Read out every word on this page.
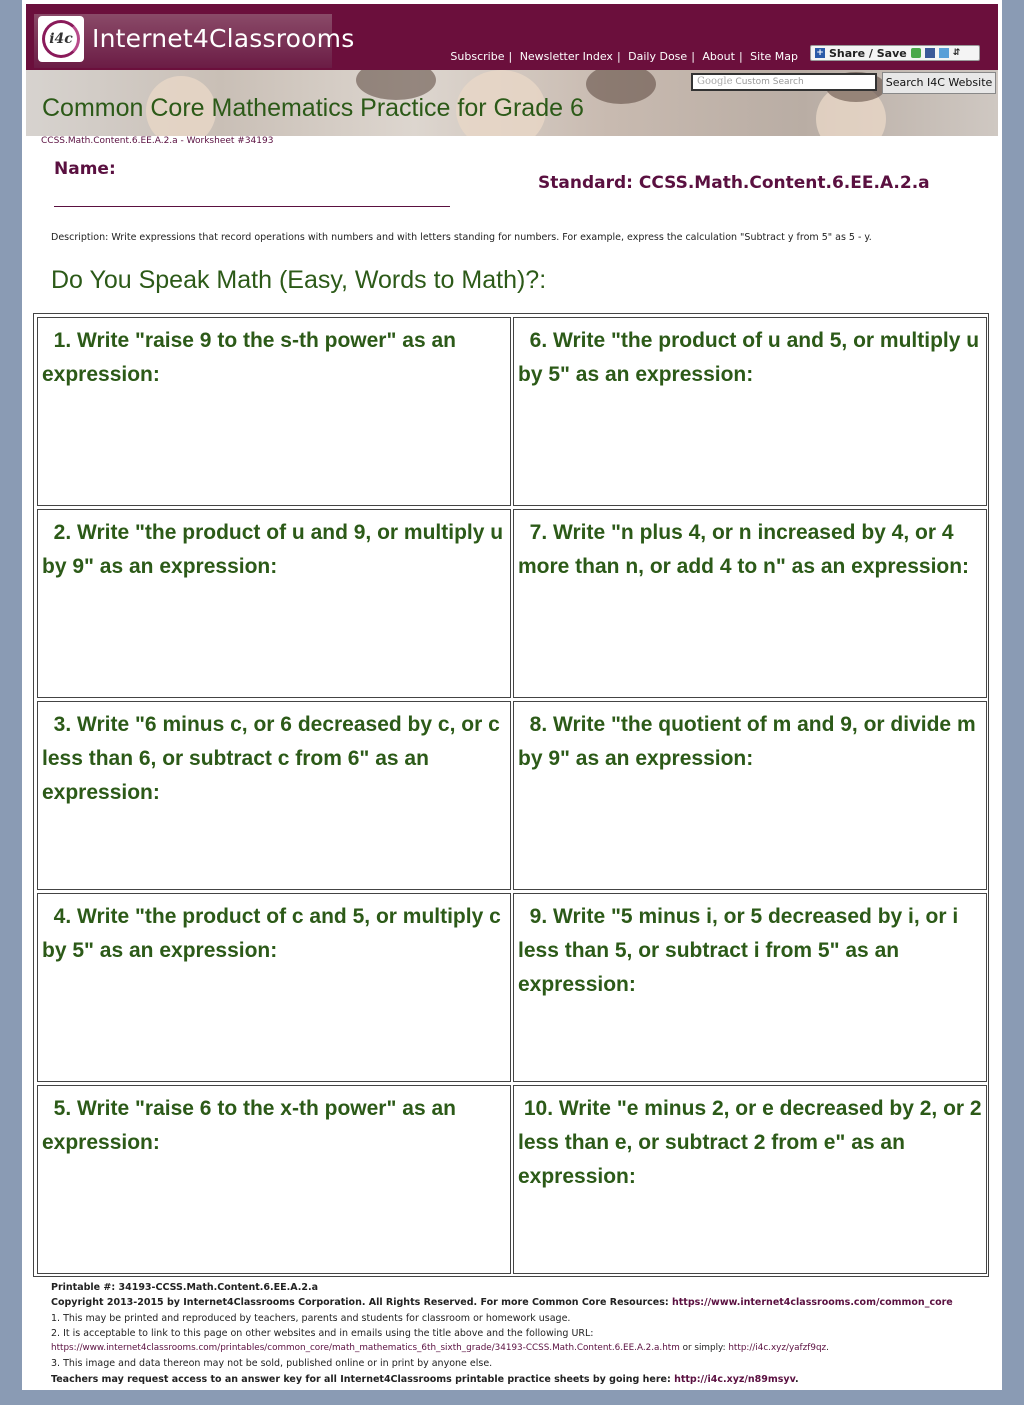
i4c Internet4Classrooms
Subscribe | Newsletter Index | Daily Dose | About | Site Map + Share / Save	⇵
Google Custom Search	Search I4C Website
Common Core Mathematics Practice for Grade 6
CCSS.Math.Content.6.EE.A.2.a - Worksheet #34193
Name:
Standard: CCSS.Math.Content.6.EE.A.2.a
Description: Write expressions that record operations with numbers and with letters standing for numbers. For example, express the calculation "Subtract y from 5" as 5 - y.
Do You Speak Math (Easy, Words to Math)?:
1. Write "raise 9 to the s-th power" as an expression:
6. Write "the product of u and 5, or multiply u by 5" as an expression:
2. Write "the product of u and 9, or multiply u by 9" as an expression:
7. Write "n plus 4, or n increased by 4, or 4 more than n, or add 4 to n" as an expression:
3. Write "6 minus c, or 6 decreased by c, or c less than 6, or subtract c from 6" as an expression:
8. Write "the quotient of m and 9, or divide m by 9" as an expression:
4. Write "the product of c and 5, or multiply c by 5" as an expression:
9. Write "5 minus i, or 5 decreased by i, or i less than 5, or subtract i from 5" as an expression:
5. Write "raise 6 to the x-th power" as an expression:
10. Write "e minus 2, or e decreased by 2, or 2 less than e, or subtract 2 from e" as an expression:
Printable #: 34193-CCSS.Math.Content.6.EE.A.2.a
Copyright 2013-2015 by Internet4Classrooms Corporation. All Rights Reserved. For more Common Core Resources: https://www.internet4classrooms.com/common_core
1. This may be printed and reproduced by teachers, parents and students for classroom or homework usage.
2. It is acceptable to link to this page on other websites and in emails using the title above and the following URL:
https://www.internet4classrooms.com/printables/common_core/math_mathematics_6th_sixth_grade/34193-CCSS.Math.Content.6.EE.A.2.a.htm or simply: http://i4c.xyz/yafzf9qz.
3. This image and data thereon may not be sold, published online or in print by anyone else.
Teachers may request access to an answer key for all Internet4Classrooms printable practice sheets by going here: http://i4c.xyz/n89msyv.
